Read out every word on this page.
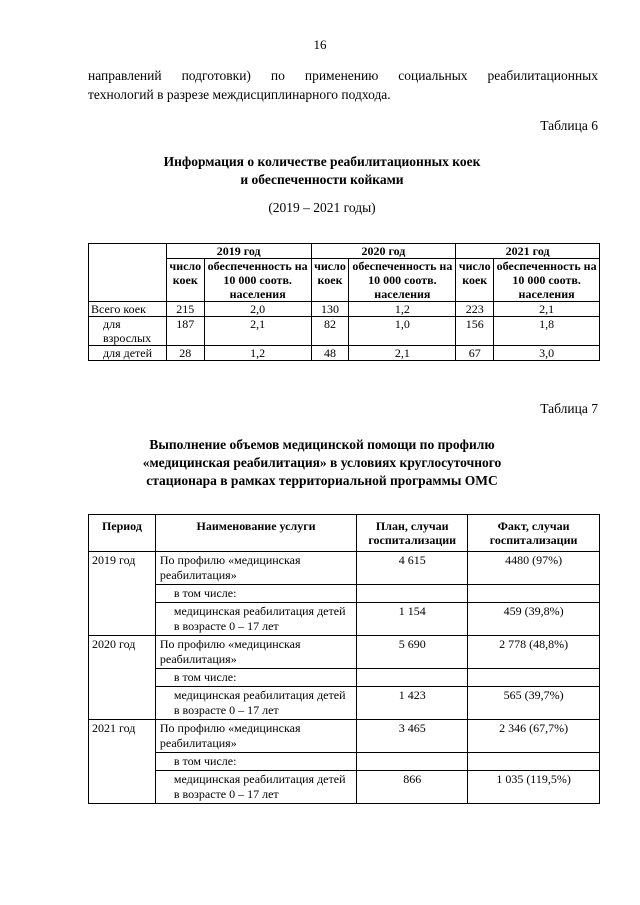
16
направлений подготовки) по применению социальных реабилитационных
технологий в разрезе междисциплинарного подхода.
Таблица 6
Информация о количестве реабилитационных коек
и обеспеченности койками
(2019 – 2021 годы)
	2019 год		2020 год		2021 год	
	число коек	обеспеченность на 10 000 соотв. населения	число коек	обеспеченность на 10 000 соотв. населения	число коек	обеспеченность на 10 000 соотв. населения
Всего коек	215	2,0	130	1,2	223	2,1
для взрослых	187	2,1	82	1,0	156	1,8
для детей	28	1,2	48	2,1	67	3,0
Таблица 7
Выполнение объемов медицинской помощи по профилю
«медицинская реабилитация» в условиях круглосуточного
стационара в рамках территориальной программы ОМС
Период	Наименование услуги	План, случаи госпитализации	Факт, случаи госпитализации
2019 год	По профилю «медицинская реабилитация»	4 615	4480 (97%)
	в том числе:		
	медицинская реабилитация детей в возрасте 0 – 17 лет	1 154	459 (39,8%)
2020 год	По профилю «медицинская реабилитация»	5 690	2 778 (48,8%)
	в том числе:		
	медицинская реабилитация детей в возрасте 0 – 17 лет	1 423	565 (39,7%)
2021 год	По профилю «медицинская реабилитация»	3 465	2 346 (67,7%)
	в том числе:		
	медицинская реабилитация детей в возрасте 0 – 17 лет	866	1 035 (119,5%)
